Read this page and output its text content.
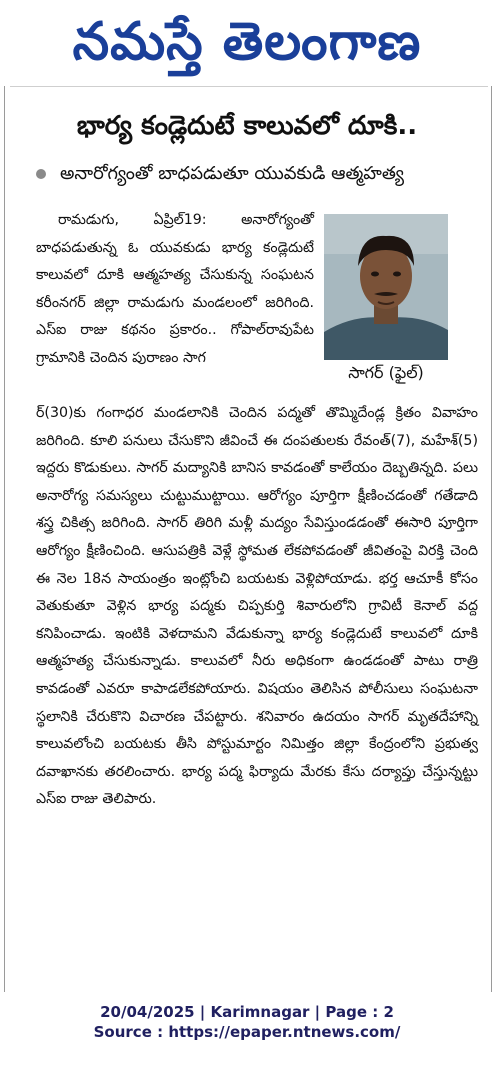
నమస్తే తెలంగాణ
భార్య కండ్లెదుటే కాలువలో దూకి..
అనారోగ్యంతో బాధపడుతూ యువకుడి ఆత్మహత్య
రామడుగు, ఏప్రిల్19: అనారోగ్యంతో బాధపడుతున్న ఓ యువకుడు భార్య కండ్లెదుటే కాలువలో దూకి ఆత్మహత్య చేసుకున్న సంఘటన కరీంనగర్ జిల్లా రామడుగు మండలంలో జరిగింది. ఎస్ఐ రాజు కథనం ప్రకారం.. గోపాల్‌రావుపేట గ్రామానికి చెందిన పురాణం సాగ
సాగర్ (ఫైల్)
ర్(30)కు గంగాధర మండలానికి చెందిన పద్మతో తొమ్మిదేండ్ల క్రితం వివాహం జరిగింది. కూలి పనులు చేసుకొని జీవించే ఈ దంపతులకు రేవంత్(7), మహేశ్(5) ఇద్దరు కొడుకులు. సాగర్ మద్యానికి బానిస కావడంతో కాలేయం దెబ్బతిన్నది. పలు అనారోగ్య సమస్యలు చుట్టుముట్టాయి. ఆరోగ్యం పూర్తిగా క్షీణించడంతో గతేడాది శస్త్ర చికిత్స జరిగింది. సాగర్ తిరిగి మళ్లీ మద్యం సేవిస్తుండడంతో ఈసారి పూర్తిగా ఆరోగ్యం క్షీణించింది. ఆసుపత్రికి వెళ్లే స్థోమత లేకపోవడంతో జీవితంపై విరక్తి చెంది ఈ నెల 18న సాయంత్రం ఇంట్లోంచి బయటకు వెళ్లిపోయాడు. భర్త ఆచూకీ కోసం వెతుకుతూ వెళ్లిన భార్య పద్మకు చిప్పకుర్తి శివారులోని గ్రావిటీ కెనాల్ వద్ద కనిపించాడు. ఇంటికి వెళదామని వేడుకున్నా భార్య కండ్లెదుటే కాలువలో దూకి ఆత్మహత్య చేసుకున్నాడు. కాలువలో నీరు అధికంగా ఉండడంతో పాటు రాత్రి కావడంతో ఎవరూ కాపాడలేకపోయారు. విషయం తెలిసిన పోలీసులు సంఘటనా స్థలానికి చేరుకొని విచారణ చేపట్టారు. శనివారం ఉదయం సాగర్ మృతదేహాన్ని కాలువలోంచి బయటకు తీసి పోస్టుమార్టం నిమిత్తం జిల్లా కేంద్రంలోని ప్రభుత్వ దవాఖానకు తరలించారు. భార్య పద్మ ఫిర్యాదు మేరకు కేసు దర్యాప్తు చేస్తున్నట్టు ఎస్ఐ రాజు తెలిపారు.
20/04/2025 | Karimnagar | Page : 2
Source : https://epaper.ntnews.com/
